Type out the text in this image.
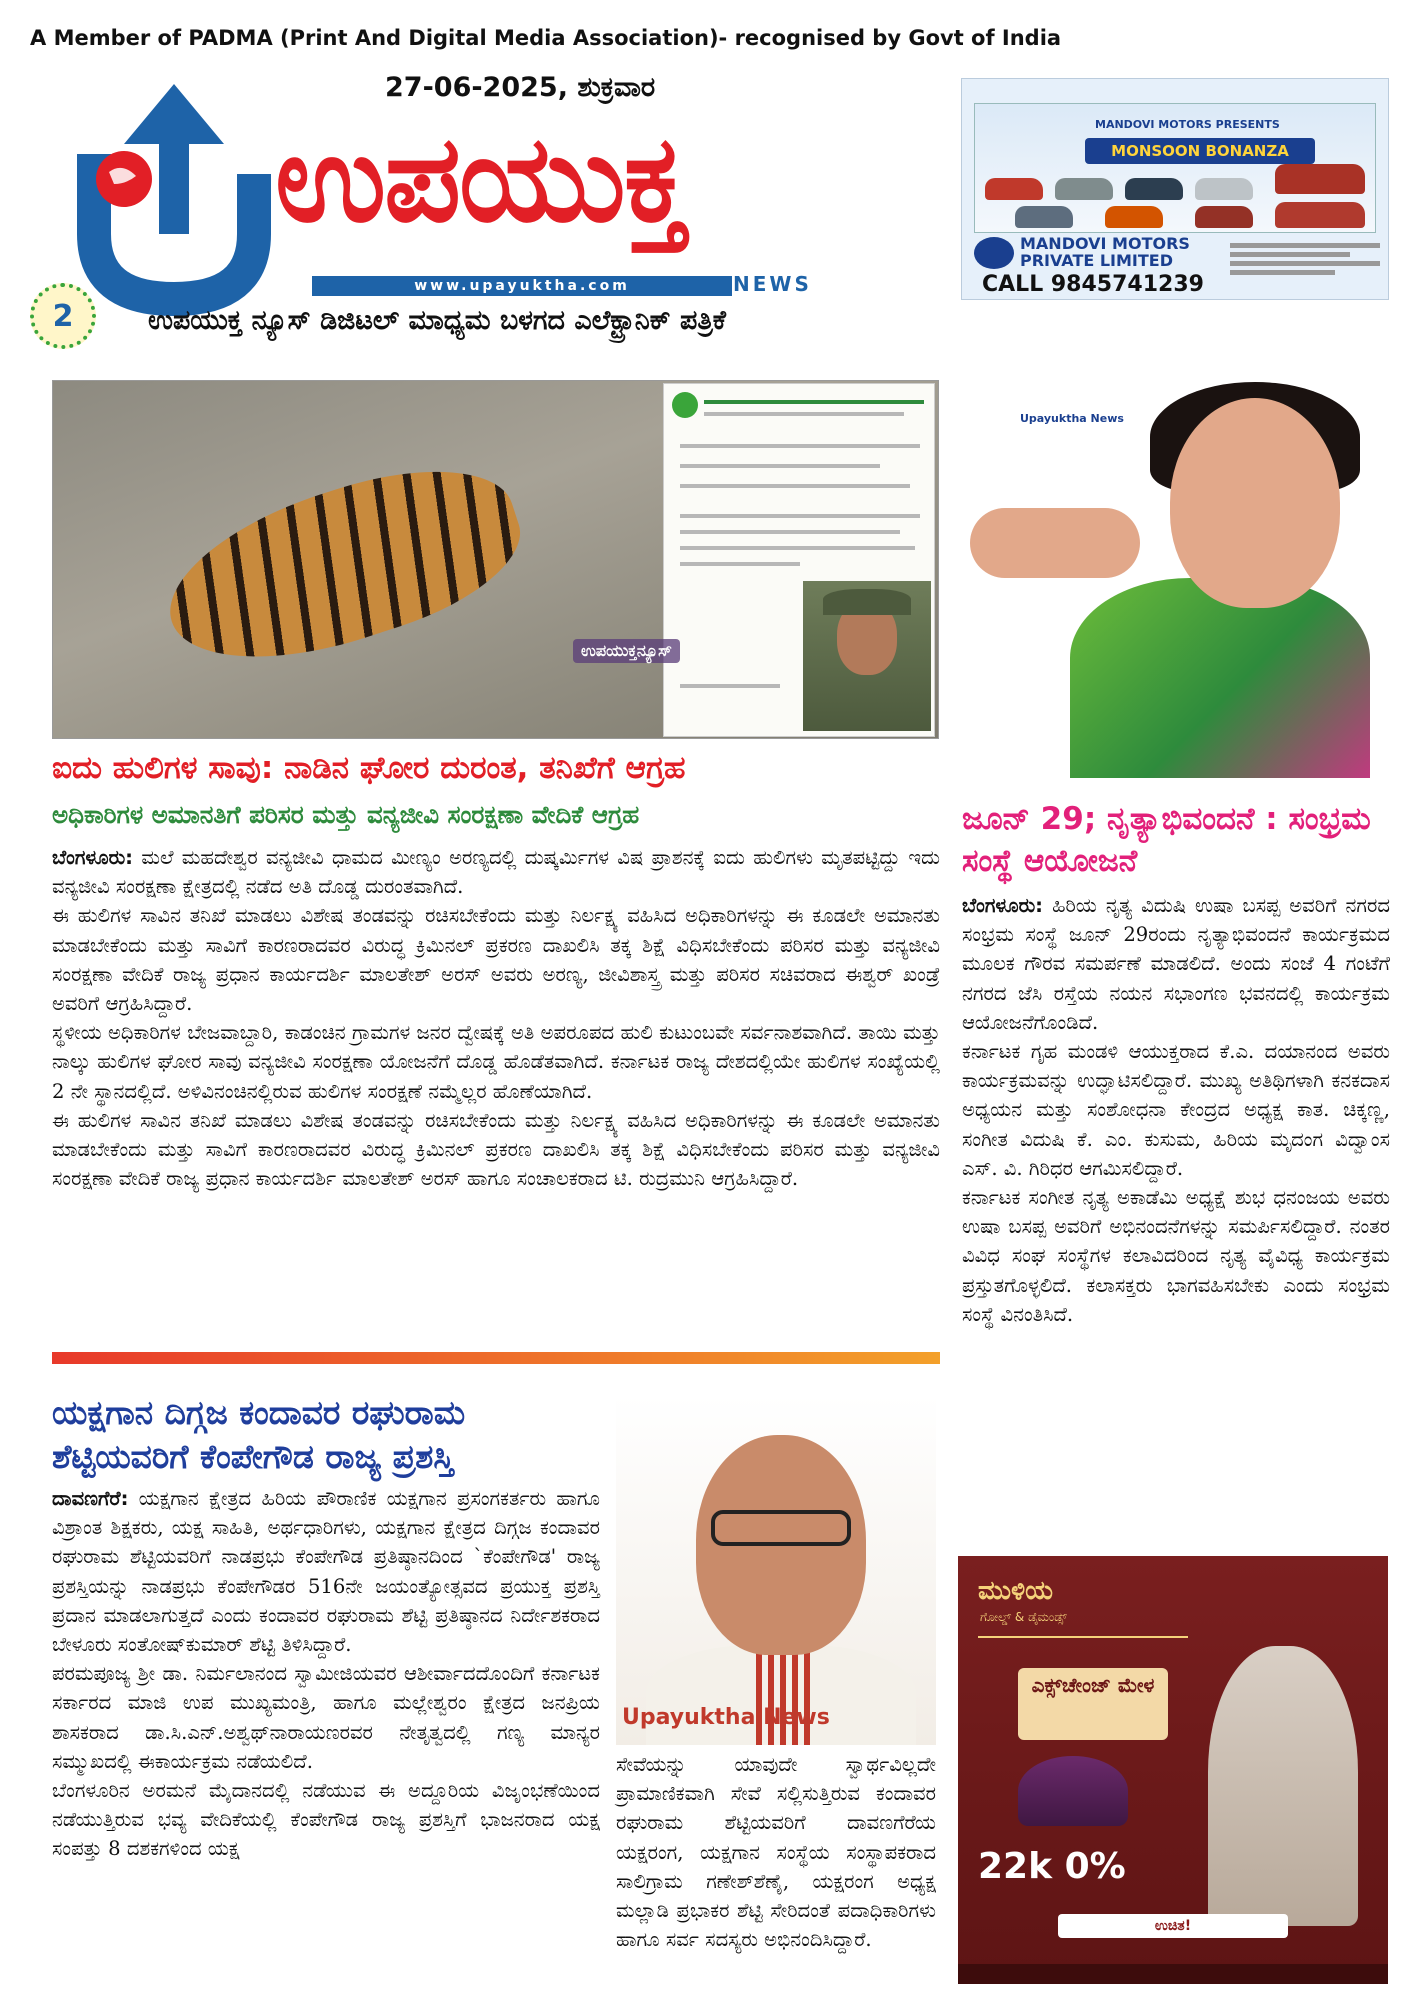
A Member of PADMA (Print And Digital Media Association)- recognised by Govt of India
27-06-2025, ಶುಕ್ರವಾರ
ಉಪಯುಕ್ತ
www.upayuktha.com	NEWS
2	ಉಪಯುಕ್ತ ನ್ಯೂಸ್ ಡಿಜಿಟಲ್ ಮಾಧ್ಯಮ ಬಳಗದ ಎಲೆಕ್ಟ್ರಾನಿಕ್ ಪತ್ರಿಕೆ
MANDOVI MOTORS PRESENTS
MONSOON BONANZA
MANDOVI MOTORS PRIVATE LIMITED
CALL 9845741239
ಉಪಯುಕ್ತನ್ಯೂಸ್
Upayuktha News
ಐದು ಹುಲಿಗಳ ಸಾವು: ನಾಡಿನ ಘೋರ ದುರಂತ, ತನಿಖೆಗೆ ಆಗ್ರಹ
ಅಧಿಕಾರಿಗಳ ಅಮಾನತಿಗೆ ಪರಿಸರ ಮತ್ತು ವನ್ಯಜೀವಿ ಸಂರಕ್ಷಣಾ ವೇದಿಕೆ ಆಗ್ರಹ

ಬೆಂಗಳೂರು: ಮಲೆ ಮಹದೇಶ್ವರ ವನ್ಯಜೀವಿ ಧಾಮದ ಮೀಣ್ಯಂ ಅರಣ್ಯದಲ್ಲಿ ದುಷ್ಕರ್ಮಿಗಳ ವಿಷ ಪ್ರಾಶನಕ್ಕೆ ಐದು ಹುಲಿಗಳು ಮೃತಪಟ್ಟಿದ್ದು ಇದು ವನ್ಯಜೀವಿ ಸಂರಕ್ಷಣಾ ಕ್ಷೇತ್ರದಲ್ಲಿ ನಡೆದ ಅತಿ ದೊಡ್ಡ ದುರಂತವಾಗಿದೆ.

ಈ ಹುಲಿಗಳ ಸಾವಿನ ತನಿಖೆ ಮಾಡಲು ವಿಶೇಷ ತಂಡವನ್ನು ರಚಿಸಬೇಕೆಂದು ಮತ್ತು ನಿರ್ಲಕ್ಷ್ಯ ವಹಿಸಿದ ಅಧಿಕಾರಿಗಳನ್ನು ಈ ಕೂಡಲೇ ಅಮಾನತು ಮಾಡಬೇಕೆಂದು ಮತ್ತು ಸಾವಿಗೆ ಕಾರಣರಾದವರ ವಿರುದ್ಧ ಕ್ರಿಮಿನಲ್ ಪ್ರಕರಣ ದಾಖಲಿಸಿ ತಕ್ಕ ಶಿಕ್ಷೆ ವಿಧಿಸಬೇಕೆಂದು ಪರಿಸರ ಮತ್ತು ವನ್ಯಜೀವಿ ಸಂರಕ್ಷಣಾ ವೇದಿಕೆ ರಾಜ್ಯ ಪ್ರಧಾನ ಕಾರ್ಯದರ್ಶಿ ಮಾಲತೇಶ್ ಅರಸ್ ಅವರು ಅರಣ್ಯ, ಜೀವಿಶಾಸ್ತ್ರ ಮತ್ತು ಪರಿಸರ ಸಚಿವರಾದ ಈಶ್ವರ್ ಖಂಡ್ರೆ ಅವರಿಗೆ ಆಗ್ರಹಿಸಿದ್ದಾರೆ.

ಸ್ಥಳೀಯ ಅಧಿಕಾರಿಗಳ ಬೇಜವಾಬ್ದಾರಿ, ಕಾಡಂಚಿನ ಗ್ರಾಮಗಳ ಜನರ ದ್ವೇಷಕ್ಕೆ ಅತಿ ಅಪರೂಪದ ಹುಲಿ ಕುಟುಂಬವೇ ಸರ್ವನಾಶವಾಗಿದೆ. ತಾಯಿ ಮತ್ತು ನಾಲ್ಕು ಹುಲಿಗಳ ಘೋರ ಸಾವು ವನ್ಯಜೀವಿ ಸಂರಕ್ಷಣಾ ಯೋಜನೆಗೆ ದೊಡ್ಡ ಹೊಡೆತವಾಗಿದೆ. ಕರ್ನಾಟಕ ರಾಜ್ಯ ದೇಶದಲ್ಲಿಯೇ ಹುಲಿಗಳ ಸಂಖ್ಯೆಯಲ್ಲಿ 2 ನೇ ಸ್ಥಾನದಲ್ಲಿದೆ. ಅಳಿವಿನಂಚಿನಲ್ಲಿರುವ ಹುಲಿಗಳ ಸಂರಕ್ಷಣೆ ನಮ್ಮೆಲ್ಲರ ಹೊಣೆಯಾಗಿದೆ.

ಈ ಹುಲಿಗಳ ಸಾವಿನ ತನಿಖೆ ಮಾಡಲು ವಿಶೇಷ ತಂಡವನ್ನು ರಚಿಸಬೇಕೆಂದು ಮತ್ತು ನಿರ್ಲಕ್ಷ್ಯ ವಹಿಸಿದ ಅಧಿಕಾರಿಗಳನ್ನು ಈ ಕೂಡಲೇ ಅಮಾನತು ಮಾಡಬೇಕೆಂದು ಮತ್ತು ಸಾವಿಗೆ ಕಾರಣರಾದವರ ವಿರುದ್ಧ ಕ್ರಿಮಿನಲ್ ಪ್ರಕರಣ ದಾಖಲಿಸಿ ತಕ್ಕ ಶಿಕ್ಷೆ ವಿಧಿಸಬೇಕೆಂದು ಪರಿಸರ ಮತ್ತು ವನ್ಯಜೀವಿ ಸಂರಕ್ಷಣಾ ವೇದಿಕೆ ರಾಜ್ಯ ಪ್ರಧಾನ ಕಾರ್ಯದರ್ಶಿ ಮಾಲತೇಶ್ ಅರಸ್ ಹಾಗೂ ಸಂಚಾಲಕರಾದ ಟಿ. ರುದ್ರಮುನಿ ಆಗ್ರಹಿಸಿದ್ದಾರೆ.

ಜೂನ್ 29; ನೃತ್ಯಾಭಿವಂದನೆ : ಸಂಭ್ರಮ ಸಂಸ್ಥೆ ಆಯೋಜನೆ

ಬೆಂಗಳೂರು: ಹಿರಿಯ ನೃತ್ಯ ವಿದುಷಿ ಉಷಾ ಬಸಪ್ಪ ಅವರಿಗೆ ನಗರದ ಸಂಭ್ರಮ ಸಂಸ್ಥೆ ಜೂನ್ 29ರಂದು ನೃತ್ಯಾಭಿವಂದನೆ ಕಾರ್ಯಕ್ರಮದ ಮೂಲಕ ಗೌರವ ಸಮರ್ಪಣೆ ಮಾಡಲಿದೆ. ಅಂದು ಸಂಜೆ 4 ಗಂಟೆಗೆ ನಗರದ ಜೆಸಿ ರಸ್ತೆಯ ನಯನ ಸಭಾಂಗಣ ಭವನದಲ್ಲಿ ಕಾರ್ಯಕ್ರಮ ಆಯೋಜನೆಗೊಂಡಿದೆ.

ಕರ್ನಾಟಕ ಗೃಹ ಮಂಡಳಿ ಆಯುಕ್ತರಾದ ಕೆ.ಎ. ದಯಾನಂದ ಅವರು ಕಾರ್ಯಕ್ರಮವನ್ನು ಉದ್ಘಾಟಿಸಲಿದ್ದಾರೆ. ಮುಖ್ಯ ಅತಿಥಿಗಳಾಗಿ ಕನಕದಾಸ ಅಧ್ಯಯನ ಮತ್ತು ಸಂಶೋಧನಾ ಕೇಂದ್ರದ ಅಧ್ಯಕ್ಷ ಕಾತ. ಚಿಕ್ಕಣ್ಣ, ಸಂಗೀತ ವಿದುಷಿ ಕೆ. ಎಂ. ಕುಸುಮ, ಹಿರಿಯ ಮೃದಂಗ ವಿದ್ವಾಂಸ ಎಸ್. ವಿ. ಗಿರಿಧರ ಆಗಮಿಸಲಿದ್ದಾರೆ.

ಕರ್ನಾಟಕ ಸಂಗೀತ ನೃತ್ಯ ಅಕಾಡೆಮಿ ಅಧ್ಯಕ್ಷೆ ಶುಭ ಧನಂಜಯ ಅವರು ಉಷಾ ಬಸಪ್ಪ ಅವರಿಗೆ ಅಭಿನಂದನೆಗಳನ್ನು ಸಮರ್ಪಿಸಲಿದ್ದಾರೆ. ನಂತರ ವಿವಿಧ ಸಂಘ ಸಂಸ್ಥೆಗಳ ಕಲಾವಿದರಿಂದ ನೃತ್ಯ ವೈವಿಧ್ಯ ಕಾರ್ಯಕ್ರಮ ಪ್ರಸ್ತುತಗೊಳ್ಳಲಿದೆ. ಕಲಾಸಕ್ತರು ಭಾಗವಹಿಸಬೇಕು ಎಂದು ಸಂಭ್ರಮ ಸಂಸ್ಥೆ ವಿನಂತಿಸಿದೆ.

ಯಕ್ಷಗಾನ ದಿಗ್ಗಜ ಕಂದಾವರ ರಘುರಾಮ ಶೆಟ್ಟಿಯವರಿಗೆ ಕೆಂಪೇಗೌಡ ರಾಜ್ಯ ಪ್ರಶಸ್ತಿ

ದಾವಣಗೆರೆ: ಯಕ್ಷಗಾನ ಕ್ಷೇತ್ರದ ಹಿರಿಯ ಪೌರಾಣಿಕ ಯಕ್ಷಗಾನ ಪ್ರಸಂಗಕರ್ತರು ಹಾಗೂ ವಿಶ್ರಾಂತ ಶಿಕ್ಷಕರು, ಯಕ್ಷ ಸಾಹಿತಿ, ಅರ್ಥಧಾರಿಗಳು, ಯಕ್ಷಗಾನ ಕ್ಷೇತ್ರದ ದಿಗ್ಗಜ ಕಂದಾವರ ರಘುರಾಮ ಶೆಟ್ಟಿಯವರಿಗೆ ನಾಡಪ್ರಭು ಕೆಂಪೇಗೌಡ ಪ್ರತಿಷ್ಠಾನದಿಂದ `ಕೆಂಪೇಗೌಡ' ರಾಜ್ಯ ಪ್ರಶಸ್ತಿಯನ್ನು ನಾಡಪ್ರಭು ಕೆಂಪೇಗೌಡರ 516ನೇ ಜಯಂತ್ಯೋತ್ಸವದ ಪ್ರಯುಕ್ತ ಪ್ರಶಸ್ತಿ ಪ್ರದಾನ ಮಾಡಲಾಗುತ್ತದೆ ಎಂದು ಕಂದಾವರ ರಘುರಾಮ ಶೆಟ್ಟಿ ಪ್ರತಿಷ್ಠಾನದ ನಿರ್ದೇಶಕರಾದ ಬೇಳೂರು ಸಂತೋಷ್‌ಕುಮಾರ್ ಶೆಟ್ಟಿ ತಿಳಿಸಿದ್ದಾರೆ.

ಪರಮಪೂಜ್ಯ ಶ್ರೀ ಡಾ. ನಿರ್ಮಲಾನಂದ ಸ್ವಾಮೀಜಿಯವರ ಆಶೀರ್ವಾದದೊಂದಿಗೆ ಕರ್ನಾಟಕ ಸರ್ಕಾರದ ಮಾಜಿ ಉಪ ಮುಖ್ಯಮಂತ್ರಿ, ಹಾಗೂ ಮಲ್ಲೇಶ್ವರಂ ಕ್ಷೇತ್ರದ ಜನಪ್ರಿಯ ಶಾಸಕರಾದ ಡಾ.ಸಿ.ಎನ್.ಅಶ್ವಥ್‌ನಾರಾಯಣರವರ ನೇತೃತ್ವದಲ್ಲಿ ಗಣ್ಯ ಮಾನ್ಯರ ಸಮ್ಮುಖದಲ್ಲಿ ಈಕಾರ್ಯಕ್ರಮ ನಡೆಯಲಿದೆ.

ಬೆಂಗಳೂರಿನ ಅರಮನೆ ಮೈದಾನದಲ್ಲಿ ನಡೆಯುವ ಈ ಅದ್ದೂರಿಯ ವಿಜೃಂಭಣೆಯಿಂದ ನಡೆಯುತ್ತಿರುವ ಭವ್ಯ ವೇದಿಕೆಯಲ್ಲಿ ಕೆಂಪೇಗೌಡ ರಾಜ್ಯ ಪ್ರಶಸ್ತಿಗೆ ಭಾಜನರಾದ ಯಕ್ಷ ಸಂಪತ್ತು 8 ದಶಕಗಳಿಂದ ಯಕ್ಷ

Upayuktha News

ಸೇವೆಯನ್ನು ಯಾವುದೇ ಸ್ವಾರ್ಥವಿಲ್ಲದೇ ಪ್ರಾಮಾಣಿಕವಾಗಿ ಸೇವೆ ಸಲ್ಲಿಸುತ್ತಿರುವ ಕಂದಾವರ ರಘುರಾಮ ಶೆಟ್ಟಿಯವರಿಗೆ ದಾವಣಗೆರೆಯ ಯಕ್ಷರಂಗ, ಯಕ್ಷಗಾನ ಸಂಸ್ಥೆಯ ಸಂಸ್ಥಾಪಕರಾದ ಸಾಲಿಗ್ರಾಮ ಗಣೇಶ್‌ಶೆಣೈ, ಯಕ್ಷರಂಗ ಅಧ್ಯಕ್ಷ ಮಲ್ಲಾಡಿ ಪ್ರಭಾಕರ ಶೆಟ್ಟಿ ಸೇರಿದಂತೆ ಪದಾಧಿಕಾರಿಗಳು ಹಾಗೂ ಸರ್ವ ಸದಸ್ಯರು ಅಭಿನಂದಿಸಿದ್ದಾರೆ.

ಮುಳಿಯ
ಗೋಲ್ಡ್ & ಡೈಮಂಡ್ಸ್
ಎಕ್ಸ್‌ಚೇಂಜ್ ಮೇಳ
22k 0%
ಉಚಿತ!
